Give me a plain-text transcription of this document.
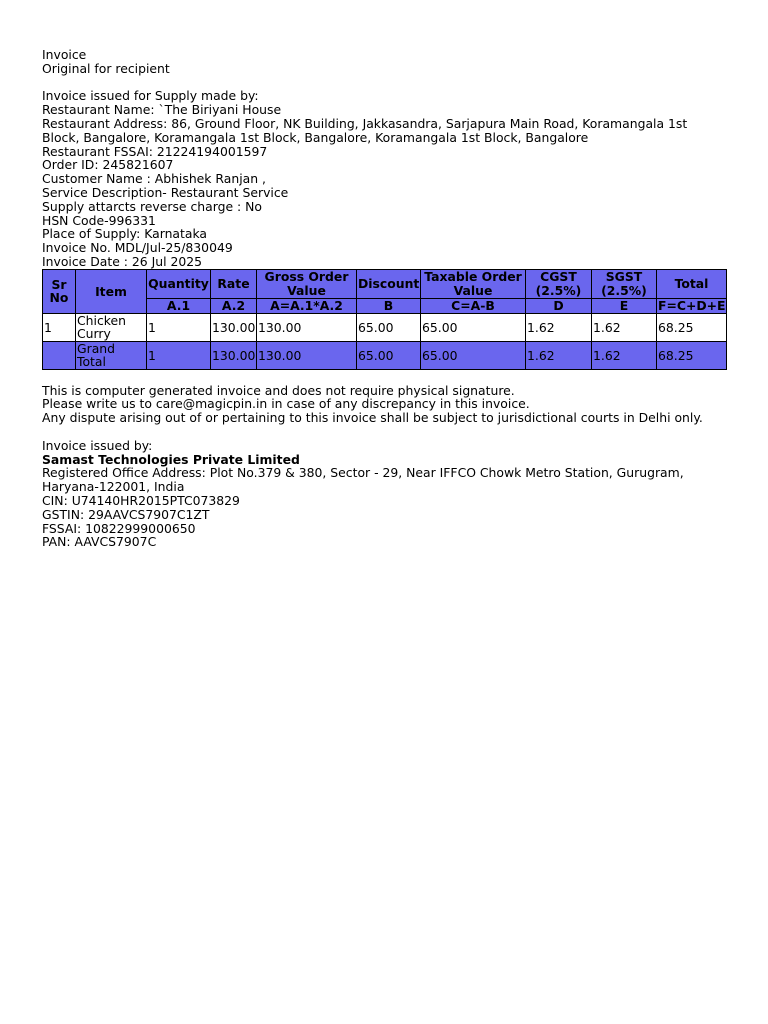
Invoice
Original for recipient
Invoice issued for Supply made by:
Restaurant Name: `The Biriyani House
Restaurant Address: 86, Ground Floor, NK Building, Jakkasandra, Sarjapura Main Road, Koramangala 1st Block, Bangalore, Koramangala 1st Block, Bangalore, Koramangala 1st Block, Bangalore
Restaurant FSSAI: 21224194001597
Order ID: 245821607
Customer Name : Abhishek Ranjan ,
Service Description- Restaurant Service
Supply attarcts reverse charge : No
HSN Code-996331
Place of Supply: Karnataka
Invoice No. MDL/Jul-25/830049
Invoice Date : 26 Jul 2025
Sr No	Item	Quantity	Rate	Gross Order Value	Discount	Taxable Order Value	CGST (2.5%)	SGST (2.5%)	Total
		A.1	A.2	A=A.1*A.2	B	C=A-B	D	E	F=C+D+E
1	Chicken Curry	1	130.00	130.00	65.00	65.00	1.62	1.62	68.25
	Grand Total	1	130.00	130.00	65.00	65.00	1.62	1.62	68.25
This is computer generated invoice and does not require physical signature.
Please write us to care@magicpin.in in case of any discrepancy in this invoice.
Any dispute arising out of or pertaining to this invoice shall be subject to jurisdictional courts in Delhi only.
Invoice issued by:
Samast Technologies Private Limited
Registered Office Address: Plot No.379 & 380, Sector - 29, Near IFFCO Chowk Metro Station, Gurugram, Haryana-122001, India
CIN: U74140HR2015PTC073829
GSTIN: 29AAVCS7907C1ZT
FSSAI: 10822999000650
PAN: AAVCS7907C
